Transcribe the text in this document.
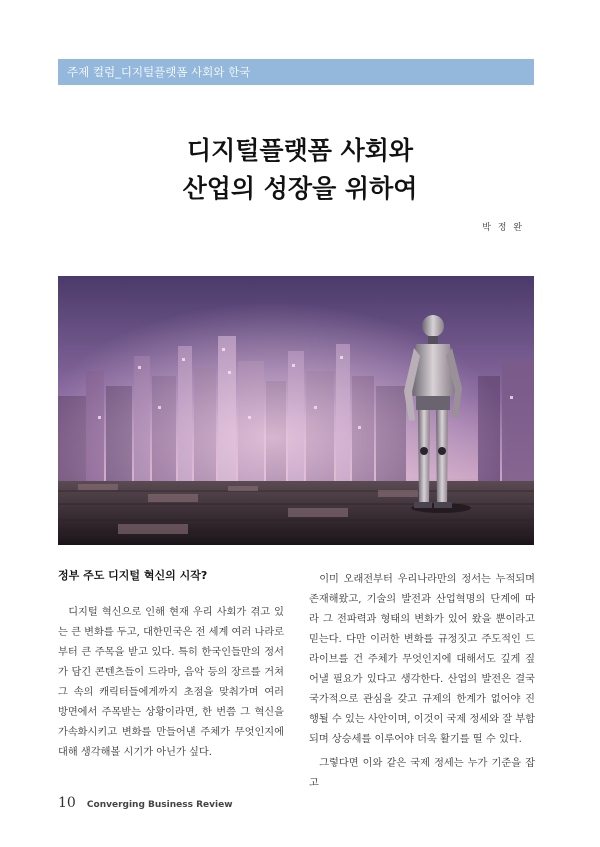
주제 컬럼_디지털플랫폼 사회와 한국
디지털플랫폼 사회와
산업의 성장을 위하여
박 정 완
정부 주도 디지털 혁신의 시작?

디지털 혁신으로 인해 현재 우리 사회가 겪고 있는 큰 변화를 두고, 대한민국은 전 세계 여러 나라로부터 큰 주목을 받고 있다. 특히 한국인들만의 정서가 담긴 콘텐츠들이 드라마, 음악 등의 장르를 거쳐 그 속의 캐릭터들에게까지 초점을 맞춰가며 여러 방면에서 주목받는 상황이라면, 한 번쯤 그 혁신을 가속화시키고 변화를 만들어낸 주체가 무엇인지에 대해 생각해볼 시기가 아닌가 싶다.

이미 오래전부터 우리나라만의 정서는 누적되며 존재해왔고, 기술의 발전과 산업혁명의 단계에 따라 그 전파력과 형태의 변화가 있어 왔을 뿐이라고 믿는다. 다만 이러한 변화를 규정짓고 주도적인 드라이브를 건 주체가 무엇인지에 대해서도 깊게 짚어낼 필요가 있다고 생각한다. 산업의 발전은 결국 국가적으로 관심을 갖고 규제의 한계가 없어야 진행될 수 있는 사안이며, 이것이 국제 정세와 잘 부합되며 상승세를 이루어야 더욱 활기를 띨 수 있다.

그렇다면 이와 같은 국제 정세는 누가 기준을 잡고

10 Converging Business Review
